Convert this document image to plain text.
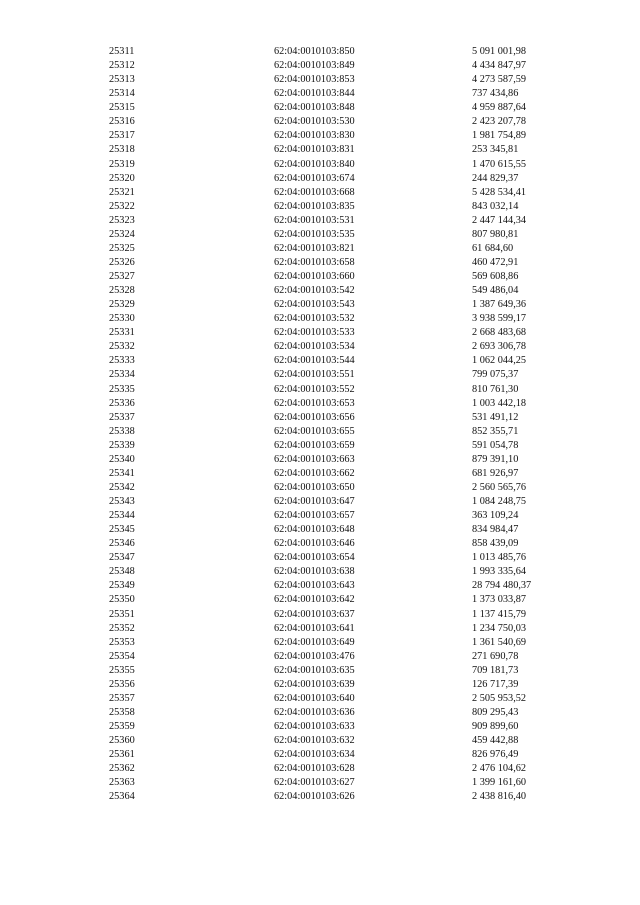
25311	62:04:0010103:850	5 091 001,98
25312	62:04:0010103:849	4 434 847,97
25313	62:04:0010103:853	4 273 587,59
25314	62:04:0010103:844	737 434,86
25315	62:04:0010103:848	4 959 887,64
25316	62:04:0010103:530	2 423 207,78
25317	62:04:0010103:830	1 981 754,89
25318	62:04:0010103:831	253 345,81
25319	62:04:0010103:840	1 470 615,55
25320	62:04:0010103:674	244 829,37
25321	62:04:0010103:668	5 428 534,41
25322	62:04:0010103:835	843 032,14
25323	62:04:0010103:531	2 447 144,34
25324	62:04:0010103:535	807 980,81
25325	62:04:0010103:821	61 684,60
25326	62:04:0010103:658	460 472,91
25327	62:04:0010103:660	569 608,86
25328	62:04:0010103:542	549 486,04
25329	62:04:0010103:543	1 387 649,36
25330	62:04:0010103:532	3 938 599,17
25331	62:04:0010103:533	2 668 483,68
25332	62:04:0010103:534	2 693 306,78
25333	62:04:0010103:544	1 062 044,25
25334	62:04:0010103:551	799 075,37
25335	62:04:0010103:552	810 761,30
25336	62:04:0010103:653	1 003 442,18
25337	62:04:0010103:656	531 491,12
25338	62:04:0010103:655	852 355,71
25339	62:04:0010103:659	591 054,78
25340	62:04:0010103:663	879 391,10
25341	62:04:0010103:662	681 926,97
25342	62:04:0010103:650	2 560 565,76
25343	62:04:0010103:647	1 084 248,75
25344	62:04:0010103:657	363 109,24
25345	62:04:0010103:648	834 984,47
25346	62:04:0010103:646	858 439,09
25347	62:04:0010103:654	1 013 485,76
25348	62:04:0010103:638	1 993 335,64
25349	62:04:0010103:643	28 794 480,37
25350	62:04:0010103:642	1 373 033,87
25351	62:04:0010103:637	1 137 415,79
25352	62:04:0010103:641	1 234 750,03
25353	62:04:0010103:649	1 361 540,69
25354	62:04:0010103:476	271 690,78
25355	62:04:0010103:635	709 181,73
25356	62:04:0010103:639	126 717,39
25357	62:04:0010103:640	2 505 953,52
25358	62:04:0010103:636	809 295,43
25359	62:04:0010103:633	909 899,60
25360	62:04:0010103:632	459 442,88
25361	62:04:0010103:634	826 976,49
25362	62:04:0010103:628	2 476 104,62
25363	62:04:0010103:627	1 399 161,60
25364	62:04:0010103:626	2 438 816,40
